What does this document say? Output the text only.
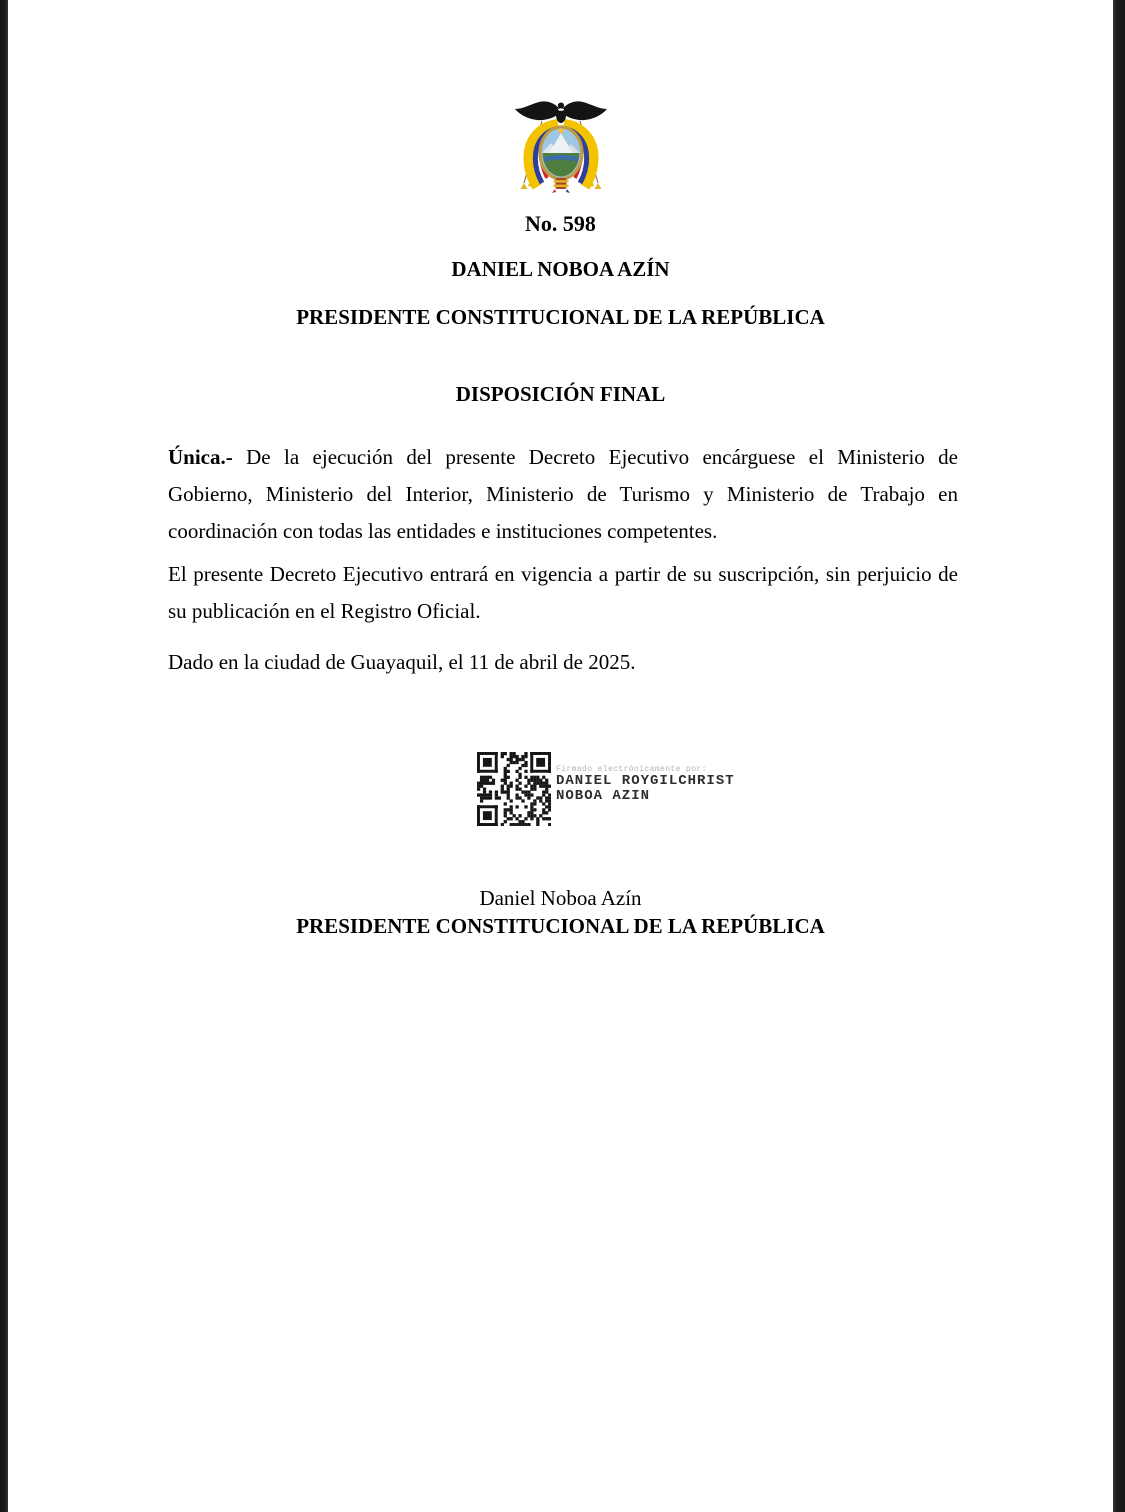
No. 598
DANIEL NOBOA AZÍN
PRESIDENTE CONSTITUCIONAL DE LA REPÚBLICA
DISPOSICIÓN FINAL

Única.- De la ejecución del presente Decreto Ejecutivo encárguese el Ministerio de Gobierno, Ministerio del Interior, Ministerio de Turismo y Ministerio de Trabajo en coordinación con todas las entidades e instituciones competentes.

El presente Decreto Ejecutivo entrará en vigencia a partir de su suscripción, sin perjuicio de su publicación en el Registro Oficial.

Dado en la ciudad de Guayaquil, el 11 de abril de 2025.

Firmado electrónicamente por:
DANIEL ROYGILCHRIST
NOBOA AZIN
Daniel Noboa Azín
PRESIDENTE CONSTITUCIONAL DE LA REPÚBLICA
